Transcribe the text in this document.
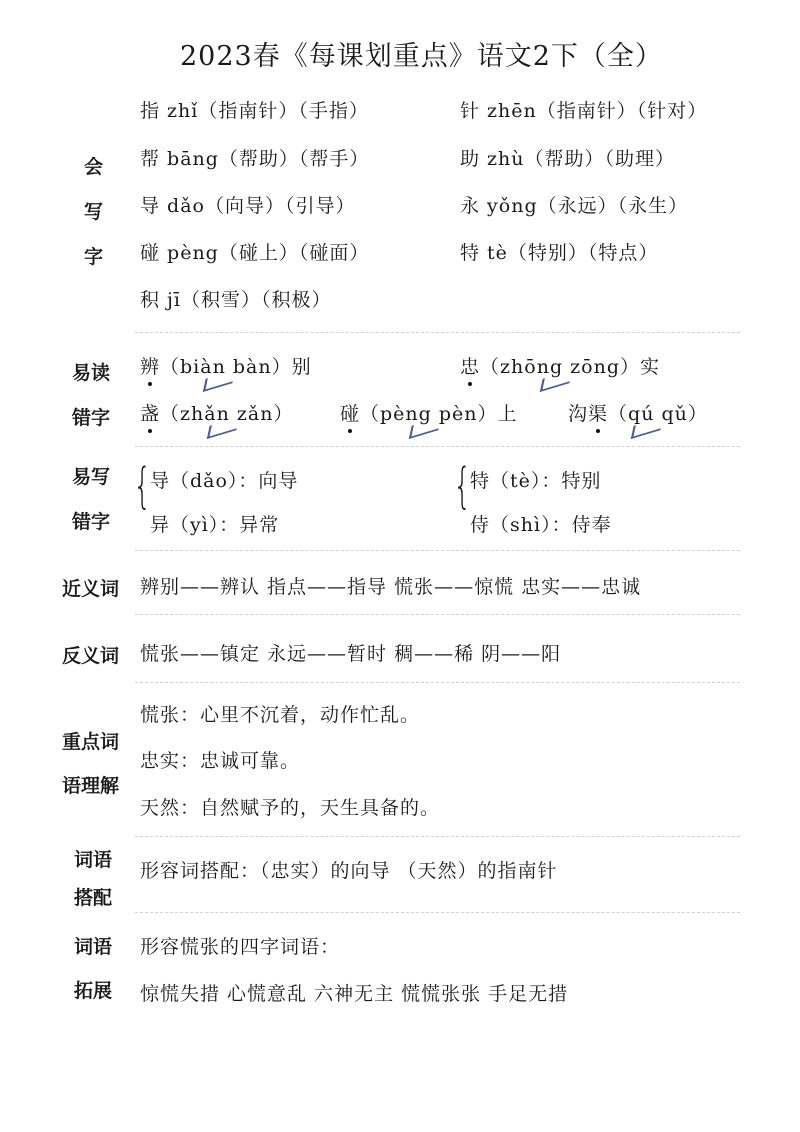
2023春《每课划重点》语文2下（全）
会
写
字
指 zhǐ（指南针）（手指）
帮 bāng（帮助）（帮手）
导 dǎo（向导）（引导）
碰 pèng（碰上）（碰面）
积 jī（积雪）（积极）
针 zhēn（指南针）（针对）
助 zhù（帮助）（助理）
永 yǒng（永远）（永生）
特 tè（特别）（特点）
易读
错字
辨（biàn bàn）别	忠（zhōng zōng）实
盏（zhǎn zǎn） 碰（pèng pèn）上	沟渠（qú qǔ）
易写
错字
{
导（dǎo）：向导
异（yì）：异常
{
特（tè）：特别
侍（shì）：侍奉
近义词 辨别——辨认 指点——指导 慌张——惊慌 忠实——忠诚
反义词 慌张——镇定 永远——暂时 稠——稀 阴——阳
重点词
语理解
慌张：心里不沉着，动作忙乱。
忠实：忠诚可靠。
天然：自然赋予的，天生具备的。
词语
搭配
形容词搭配：（忠实）的向导 （天然）的指南针
词语
拓展
形容慌张的四字词语：
惊慌失措 心慌意乱 六神无主 慌慌张张 手足无措
